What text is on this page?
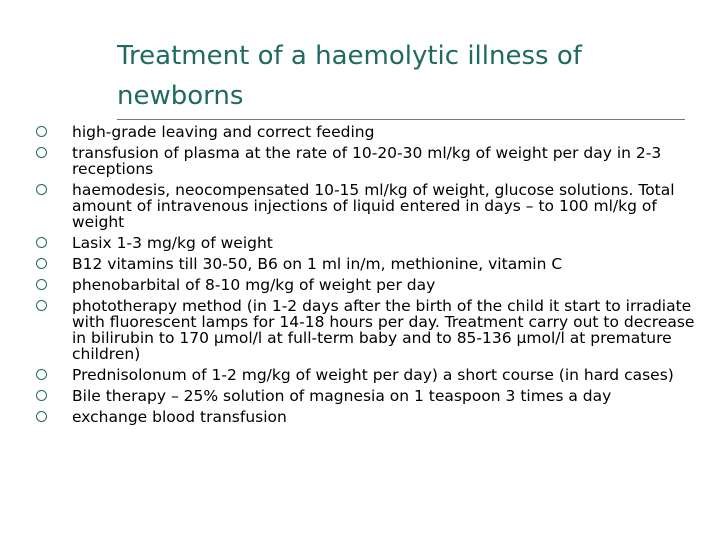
Treatment of a haemolytic illness of newborns
high-grade leaving and correct feeding
transfusion of plasma at the rate of 10-20-30 ml/kg of weight per day in 2-3 receptions
haemodesis, neocompensated 10-15 ml/kg of weight, glucose solutions. Total amount of intravenous injections of liquid entered in days – to 100 ml/kg of weight
Lasix 1-3 mg/kg of weight
B12 vitamins till 30-50, B6 on 1 ml in/m, methionine, vitamin C
phenobarbital of 8-10 mg/kg of weight per day
phototherapy method (in 1-2 days after the birth of the child it start to irradiate with fluorescent lamps for 14-18 hours per day. Treatment carry out to decrease in bilirubin to 170 μmol/l at full-term baby and to 85-136 μmol/l at premature children)
Prednisolonum of 1-2 mg/kg of weight per day) a short course (in hard cases)
Bile therapy – 25% solution of magnesia on 1 teaspoon 3 times a day
exchange blood transfusion
